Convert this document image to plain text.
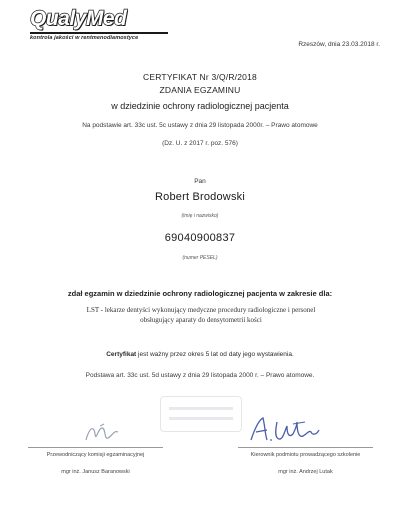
QualyMed
kontrola jakości w rentmenodiamostyce
Rzeszów, dnia 23.03.2018 r.
CERTYFIKAT Nr 3/Q/R/2018
ZDANIA EGZAMINU
w dziedzinie ochrony radiologicznej pacjenta
Na podstawie art. 33c ust. 5c ustawy z dnia 29 listopada 2000r. – Prawo atomowe
(Dz. U. z 2017 r. poz. 576)
Pan
Robert Brodowski
(imię i nazwisko)
69040900837
(numer PESEL)
zdał egzamin w dziedzinie ochrony radiologicznej pacjenta w zakresie dla:
LST - lekarze dentyści wykonujący medyczne procedury radiologiczne i personel obsługujący aparaty do densytometrii kości
Certyfikat jest ważny przez okres 5 lat od daty jego wystawienia.
Podstawa art. 33c ust. 5d ustawy z dnia 29 listopada 2000 r. – Prawo atomowe.
Przewodniczący komisji egzaminacyjnej	Kierownik podmiotu prowadzącego szkolenie
mgr inż. Janusz Baranowski	mgr inż. Andrzej Lutak
